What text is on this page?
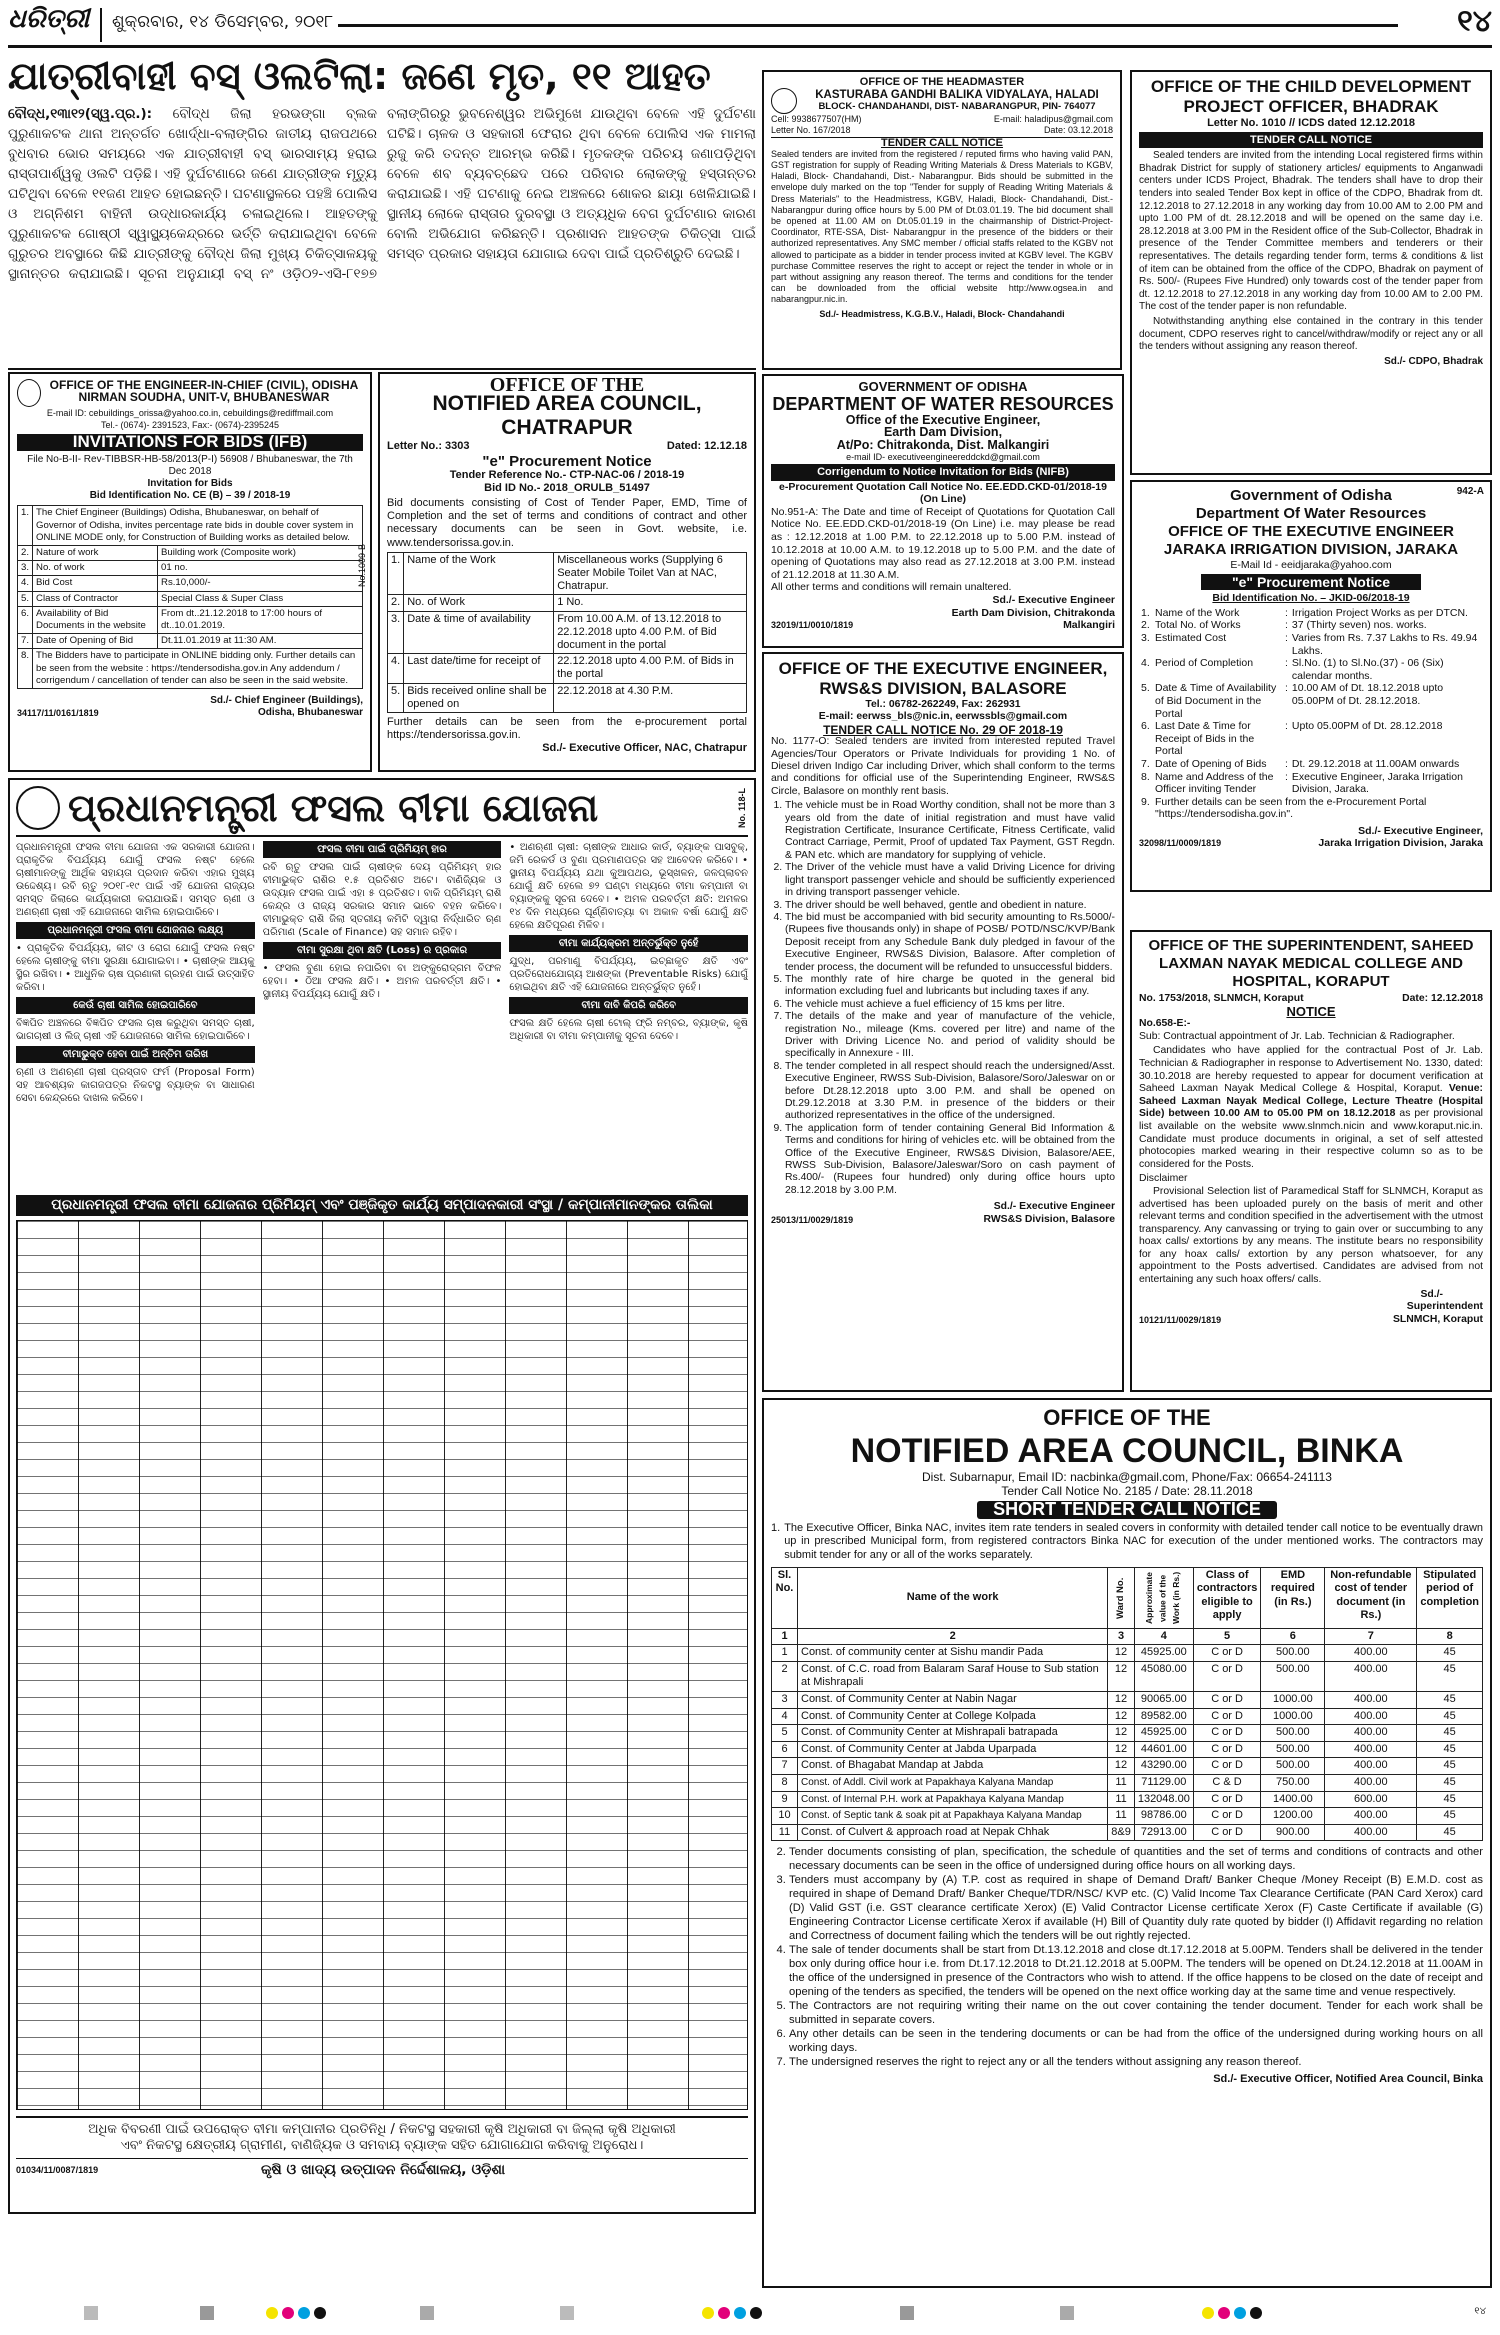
ଧରିତ୍ରୀ	ଶୁକ୍ରବାର, ୧୪ ଡିସେମ୍ବର, ୨୦୧୮	୧୪
ଯାତ୍ରୀବାହୀ ବସ୍ ଓଲଟିଲା: ଜଣେ ମୃତ, ୧୧ ଆହତ
ବୌଦ୍ଧ,୧୩ା୧୨(ସ୍ୱ.ପ୍ର.): ବୌଦ୍ଧ ଜିଲା ହରଭଙ୍ଗା ବ୍ଲକ ପୁରୁଣାକଟକ ଥାନା ଅନ୍ତର୍ଗତ ଖୋର୍ଦ୍ଧା-ବଲାଙ୍ଗିର ଜାତୀୟ ରାଜପଥରେ ବୁଧବାର ଭୋର ସମୟରେ ଏକ ଯାତ୍ରୀବାହୀ ବସ୍ ଭାରସାମ୍ୟ ହରାଇ ରାସ୍ତାପାର୍ଶ୍ୱକୁ ଓଲଟି ପଡ଼ିଛି। ଏହି ଦୁର୍ଘଟଣାରେ ଜଣେ ଯାତ୍ରୀଙ୍କ ମୃତ୍ୟୁ ଘଟିଥିବା ବେଳେ ୧୧ଜଣ ଆହତ ହୋଇଛନ୍ତି। ଘଟଣାସ୍ଥଳରେ ପହଞ୍ଚି ପୋଲିସ ଓ ଅଗ୍ନିଶମ ବାହିନୀ ଉଦ୍ଧାରକାର୍ଯ୍ୟ ଚଳାଇଥିଲେ। ଆହତଙ୍କୁ ପୁରୁଣାକଟକ ଗୋଷ୍ଠୀ ସ୍ୱାସ୍ଥ୍ୟକେନ୍ଦ୍ରରେ ଭର୍ତ୍ତି କରାଯାଇଥିବା ବେଳେ ଗୁରୁତର ଅବସ୍ଥାରେ କିଛି ଯାତ୍ରୀଙ୍କୁ ବୌଦ୍ଧ ଜିଲା ମୁଖ୍ୟ ଚିକିତ୍ସାଳୟକୁ ସ୍ଥାନାନ୍ତର କରାଯାଇଛି। ସୂଚନା ଅନୁଯାୟୀ ବସ୍ ନଂ ଓଡ଼ି୦୨-ଏସି-୮୧୭୭ ବଲାଙ୍ଗିରରୁ ଭୁବନେଶ୍ୱର ଅଭିମୁଖେ ଯାଉଥିବା ବେଳେ ଏହି ଦୁର୍ଘଟଣା ଘଟିଛି। ଚାଳକ ଓ ସହକାରୀ ଫେରାର ଥିବା ବେଳେ ପୋଲିସ ଏକ ମାମଲା ରୁଜୁ କରି ତଦନ୍ତ ଆରମ୍ଭ କରିଛି। ମୃତକଙ୍କ ପରିଚୟ ଜଣାପଡ଼ିଥିବା ବେଳେ ଶବ ବ୍ୟବଚ୍ଛେଦ ପରେ ପରିବାର ଲୋକଙ୍କୁ ହସ୍ତାନ୍ତର କରାଯାଇଛି। ଏହି ଘଟଣାକୁ ନେଇ ଅଞ୍ଚଳରେ ଶୋକର ଛାୟା ଖେଳିଯାଇଛି। ସ୍ଥାନୀୟ ଲୋକେ ରାସ୍ତାର ଦୁରବସ୍ଥା ଓ ଅତ୍ୟଧିକ ବେଗ ଦୁର୍ଘଟଣାର କାରଣ ବୋଲି ଅଭିଯୋଗ କରିଛନ୍ତି। ପ୍ରଶାସନ ଆହତଙ୍କ ଚିକିତ୍ସା ପାଇଁ ସମସ୍ତ ପ୍ରକାର ସହାୟତା ଯୋଗାଇ ଦେବା ପାଇଁ ପ୍ରତିଶ୍ରୁତି ଦେଇଛି।
OFFICE OF THE HEADMASTER
KASTURABA GANDHI BALIKA VIDYALAYA, HALADI
BLOCK- CHANDAHANDI, DIST- NABARANGPUR, PIN- 764077
Cell: 9938677507(HM)	E-mail: haladipus@gmail.com
Letter No. 167/2018	Date: 03.12.2018
TENDER CALL NOTICE
Sealed tenders are invited from the registered / reputed firms who having valid PAN, GST registration for supply of Reading Writing Materials & Dress Materials to KGBV, Haladi, Block- Chandahandi, Dist.- Nabarangpur. Bids should be submitted in the envelope duly marked on the top "Tender for supply of Reading Writing Materials & Dress Materials" to the Headmistress, KGBV, Haladi, Block- Chandahandi, Dist.- Nabarangpur during office hours by 5.00 PM of Dt.03.01.19. The bid document shall be opened at 11.00 AM on Dt.05.01.19 in the chairmanship of District-Project-Coordinator, RTE-SSA, Dist- Nabarangpur in the presence of the bidders or their authorized representatives. Any SMC member / official staffs related to the KGBV not allowed to participate as a bidder in tender process invited at KGBV level. The KGBV purchase Committee reserves the right to accept or reject the tender in whole or in part without assigning any reason thereof. The terms and conditions for the tender can be downloaded from the official website http://www.ogsea.in and nabarangpur.nic.in.
Sd./- Headmistress, K.G.B.V., Haladi, Block- Chandahandi
OFFICE OF THE CHILD DEVELOPMENT PROJECT OFFICER, BHADRAK
Letter No. 1010 // ICDS dated 12.12.2018
TENDER CALL NOTICE

Sealed tenders are invited from the intending Local registered firms within Bhadrak District for supply of stationery articles/ equipments to Anganwadi centers under ICDS Project, Bhadrak. The tenders shall have to drop their tenders into sealed Tender Box kept in office of the CDPO, Bhadrak from dt. 12.12.2018 to 27.12.2018 in any working day from 10.00 AM to 2.00 PM and upto 1.00 PM of dt. 28.12.2018 and will be opened on the same day i.e. 28.12.2018 at 3.00 PM in the Resident office of the Sub-Collector, Bhadrak in presence of the Tender Committee members and tenderers or their representatives. The details regarding tender form, terms & conditions & list of item can be obtained from the office of the CDPO, Bhadrak on payment of Rs. 500/- (Rupees Five Hundred) only towards cost of the tender paper from dt. 12.12.2018 to 27.12.2018 in any working day from 10.00 AM to 2.00 PM. The cost of the tender paper is non refundable.

Notwithstanding anything else contained in the contrary in this tender document, CDPO reserves right to cancel/withdraw/modify or reject any or all the tenders without assigning any reason thereof.

Sd./- CDPO, Bhadrak
OFFICE OF THE ENGINEER-IN-CHIEF (CIVIL), ODISHA
NIRMAN SOUDHA, UNIT-V, BHUBANESWAR
E-mail ID: cebuildings_orissa@yahoo.co.in, cebuildings@rediffmail.com
Tel.- (0674)- 2391523, Fax:- (0674)-2395245
INVITATIONS FOR BIDS (IFB)
File No-B-II- Rev-TIBBSR-HB-58/2013(P-I) 56908 / Bhubaneswar, the 7th Dec 2018
Invitation for Bids
Bid Identification No. CE (B) – 39 / 2018-19
1.	The Chief Engineer (Buildings) Odisha, Bhubaneswar, on behalf of Governor of Odisha, invites percentage rate bids in double cover system in ONLINE MODE only, for Construction of Building works as detailed below.	
2.	Nature of work	Building work (Composite work)
3.	No. of work	01 no.
4.	Bid Cost	Rs.10,000/-
5.	Class of Contractor	Special Class & Super Class
6.	Availability of Bid Documents in the website	From dt..21.12.2018 to 17:00 hours of dt..10.01.2019.
7.	Date of Opening of Bid	Dt.11.01.2019 at 11:30 AM.
8.	The Bidders have to participate in ONLINE bidding only. Further details can be seen from the website : https://tendersodisha.gov.in Any addendum / corrigendum / cancellation of tender can also be seen in the said website.	
Sd./- Chief Engineer (Buildings),
34117/11/0161/1819	Odisha, Bhubaneswar
No.1009-B
OFFICE OF THE
NOTIFIED AREA COUNCIL, CHATRAPUR
Letter No.: 3303	Dated: 12.12.18
"e" Procurement Notice
Tender Reference No.- CTP-NAC-06 / 2018-19
Bid ID No.- 2018_ORULB_51497
Bid documents consisting of Cost of Tender Paper, EMD, Time of Completion and the set of terms and conditions of contract and other necessary documents can be seen in Govt. website, i.e. www.tendersorissa.gov.in.
1.	Name of the Work	Miscellaneous works (Supplying 6 Seater Mobile Toilet Van at NAC, Chatrapur.
2.	No. of Work	1 No.
3.	Date & time of availability	From 10.00 A.M. of 13.12.2018 to 22.12.2018 upto 4.00 P.M. of Bid document in the portal
4.	Last date/time for receipt of	22.12.2018 upto 4.00 P.M. of Bids in the portal
5.	Bids received online shall be opened on	22.12.2018 at 4.30 P.M.
Further details can be seen from the e-procurement portal https://tendersorissa.gov.in.
Sd./- Executive Officer, NAC, Chatrapur
GOVERNMENT OF ODISHA
DEPARTMENT OF WATER RESOURCES
Office of the Executive Engineer,
Earth Dam Division,
At/Po: Chitrakonda, Dist. Malkangiri
e-mail ID- executiveengineereddckd@gmail.com
Corrigendum to Notice Invitation for Bids (NIFB)
e-Procurement Quotation Call Notice No. EE.EDD.CKD-01/2018-19 (On Line)
No.951-A: The Date and time of Receipt of Quotations for Quotation Call Notice No. EE.EDD.CKD-01/2018-19 (On Line) i.e. may please be read as : 12.12.2018 at 1.00 P.M. to 22.12.2018 up to 5.00 P.M. instead of 10.12.2018 at 10.00 A.M. to 19.12.2018 up to 5.00 P.M. and the date of opening of Quotations may also read as 27.12.2018 at 3.00 P.M. instead of 21.12.2018 at 11.30 A.M.
All other terms and conditions will remain unaltered.
Sd./- Executive Engineer
Earth Dam Division, Chitrakonda
32019/11/0010/1819	Malkangiri
942-A
Government of Odisha
Department Of Water Resources
OFFICE OF THE EXECUTIVE ENGINEER
JARAKA IRRIGATION DIVISION, JARAKA
E-Mail Id - eeidjaraka@yahoo.com
"e" Procurement Notice
Bid Identification No. – JKID-06/2018-19
1.	Name of the Work	:	Irrigation Project Works as per DTCN.
2.	Total No. of Works	:	37 (Thirty seven) nos. works.
3.	Estimated Cost	:	Varies from Rs. 7.37 Lakhs to Rs. 49.94 Lakhs.
4.	Period of Completion	:	Sl.No. (1) to Sl.No.(37) - 06 (Six) calendar months.
5.	Date & Time of Availability of Bid Document in the Portal	:	10.00 AM of Dt. 18.12.2018 upto 05.00PM of Dt. 28.12.2018.
6.	Last Date & Time for Receipt of Bids in the Portal	:	Upto 05.00PM of Dt. 28.12.2018
7.	Date of Opening of Bids	:	Dt. 29.12.2018 at 11.00AM onwards
8.	Name and Address of the Officer inviting Tender	:	Executive Engineer, Jaraka Irrigation Division, Jaraka.
9.	Further details can be seen from the e-Procurement Portal "https://tendersodisha.gov.in".		
Sd./- Executive Engineer,
32098/11/0009/1819	Jaraka Irrigation Division, Jaraka
OFFICE OF THE EXECUTIVE ENGINEER,
RWS&S DIVISION, BALASORE
Tel.: 06782-262249, Fax: 262931
E-mail: eerwss_bls@nic.in, eerwssbls@gmail.com
TENDER CALL NOTICE No. 29 OF 2018-19
No. 1177-O: Sealed tenders are invited from interested reputed Travel Agencies/Tour Operators or Private Individuals for providing 1 No. of Diesel driven Indigo Car including Driver, which shall conform to the terms and conditions for official use of the Superintending Engineer, RWS&S Circle, Balasore on monthly rent basis.
1. The vehicle must be in Road Worthy condition, shall not be more than 3 years old from the date of initial registration and must have valid Registration Certificate, Insurance Certificate, Fitness Certificate, valid Contract Carriage, Permit, Proof of updated Tax Payment, GST Regdn. & PAN etc. which are mandatory for supplying of vehicle.
2. The Driver of the vehicle must have a valid Driving Licence for driving light transport passenger vehicle and should be sufficiently experienced in driving transport passenger vehicle.
3. The driver should be well behaved, gentle and obedient in nature.
4. The bid must be accompanied with bid security amounting to Rs.5000/- (Rupees five thousands only) in shape of POSB/ POTD/NSC/KVP/Bank Deposit receipt from any Schedule Bank duly pledged in favour of the Executive Engineer, RWS&S Division, Balasore. After completion of tender process, the document will be refunded to unsuccessful bidders.
5. The monthly rate of hire charge be quoted in the general bid information excluding fuel and lubricants but including taxes if any.
6. The vehicle must achieve a fuel efficiency of 15 kms per litre.
7. The details of the make and year of manufacture of the vehicle, registration No., mileage (Kms. covered per litre) and name of the Driver with Driving Licence No. and period of validity should be specifically in Annexure - III.
8. The tender completed in all respect should reach the undersigned/Asst. Executive Engineer, RWSS Sub-Division, Balasore/Soro/Jaleswar on or before Dt.28.12.2018 upto 3.00 P.M. and shall be opened on Dt.29.12.2018 at 3.30 P.M. in presence of the bidders or their authorized representatives in the office of the undersigned.
9. The application form of tender containing General Bid Information & Terms and conditions for hiring of vehicles etc. will be obtained from the Office of the Executive Engineer, RWS&S Division, Balasore/AEE, RWSS Sub-Division, Balasore/Jaleswar/Soro on cash payment of Rs.400/- (Rupees four hundred) only during office hours upto 28.12.2018 by 3.00 P.M.
Sd./- Executive Engineer
25013/11/0029/1819	RWS&S Division, Balasore
OFFICE OF THE SUPERINTENDENT, SAHEED LAXMAN NAYAK MEDICAL COLLEGE AND HOSPITAL, KORAPUT
No. 1753/2018, SLNMCH, Koraput	Date: 12.12.2018
NOTICE
No.658-E:-
Sub: Contractual appointment of Jr. Lab. Technician & Radiographer.

Candidates who have applied for the contractual Post of Jr. Lab. Technician & Radiographer in response to Advertisement No. 1330, dated: 30.10.2018 are hereby requested to appear for document verification at Saheed Laxman Nayak Medical College & Hospital, Koraput. Venue: Saheed Laxman Nayak Medical College, Lecture Theatre (Hospital Side) between 10.00 AM to 05.00 PM on 18.12.2018 as per provisional list available on the website www.slnmch.nicin and www.koraput.nic.in. Candidate must produce documents in original, a set of self attested photocopies marked wearing in their respective column so as to be considered for the Posts.

Disclaimer

Provisional Selection list of Paramedical Staff for SLNMCH, Koraput as advertised has been uploaded purely on the basis of merit and other relevant terms and condition specified in the advertisement with the utmost transparency. Any canvassing or trying to gain over or succumbing to any hoax calls/ extortions by any means. The institute bears no responsibility for any hoax calls/ extortion by any person whatsoever, for any appointment to the Posts advertised. Candidates are advised from not entertaining any such hoax offers/ calls.

Sd./-
Superintendent
10121/11/0029/1819	SLNMCH, Koraput
ପ୍ରଧାନମନ୍ତ୍ରୀ ଫସଲ ବୀମା ଯୋଜନା	No. 118-L

ପ୍ରଧାନମନ୍ତ୍ରୀ ଫସଲ ବୀମା ଯୋଜନା ଏକ ସରକାରୀ ଯୋଜନା। ପ୍ରାକୃତିକ ବିପର୍ଯ୍ୟୟ ଯୋଗୁଁ ଫସଲ ନଷ୍ଟ ହେଲେ ଚାଷୀମାନଙ୍କୁ ଆର୍ଥିକ ସହାୟତା ପ୍ରଦାନ କରିବା ଏହାର ମୁଖ୍ୟ ଉଦ୍ଦେଶ୍ୟ। ରବି ଋତୁ ୨୦୧୮-୧୯ ପାଇଁ ଏହି ଯୋଜନା ରାଜ୍ୟର ସମସ୍ତ ଜିଲାରେ କାର୍ଯ୍ୟକାରୀ କରାଯାଉଛି। ସମସ୍ତ ଋଣୀ ଓ ଅଣଋଣୀ ଚାଷୀ ଏହି ଯୋଜନାରେ ସାମିଲ ହୋଇପାରିବେ।

ପ୍ରଧାନମନ୍ତ୍ରୀ ଫସଲ ବୀମା ଯୋଜନାର ଲକ୍ଷ୍ୟ

• ପ୍ରାକୃତିକ ବିପର୍ଯ୍ୟୟ, କୀଟ ଓ ରୋଗ ଯୋଗୁଁ ଫସଲ ନଷ୍ଟ ହେଲେ ଚାଷୀଙ୍କୁ ବୀମା ସୁରକ୍ଷା ଯୋଗାଇବା। • ଚାଷୀଙ୍କ ଆୟକୁ ସ୍ଥିର ରଖିବା। • ଆଧୁନିକ ଚାଷ ପ୍ରଣାଳୀ ଗ୍ରହଣ ପାଇଁ ଉତ୍ସାହିତ କରିବା।

କେଉଁ ଚାଷୀ ସାମିଲ ହୋଇପାରିବେ

ବିଜ୍ଞପିତ ଅଞ୍ଚଳରେ ବିଜ୍ଞପିତ ଫସଲ ଚାଷ କରୁଥିବା ସମସ୍ତ ଚାଷୀ, ଭାଗଚାଷୀ ଓ ଲିଜ୍ ଚାଷୀ ଏହି ଯୋଜନାରେ ସାମିଲ ହୋଇପାରିବେ।

ବୀମାଭୁକ୍ତ ହେବା ପାଇଁ ଅନ୍ତିମ ତାରିଖ

ଋଣୀ ଓ ଅଣଋଣୀ ଚାଷୀ ପ୍ରସ୍ତାବ ଫର୍ମ (Proposal Form) ସହ ଆବଶ୍ୟକ କାଗଜପତ୍ର ନିକଟସ୍ଥ ବ୍ୟାଙ୍କ ବା ସାଧାରଣ ସେବା କେନ୍ଦ୍ରରେ ଦାଖଲ କରିବେ।

ଫସଲ ବୀମା ପାଇଁ ପ୍ରିମିୟମ୍ ହାର

ରବି ଋତୁ ଫସଲ ପାଇଁ ଚାଷୀଙ୍କ ଦେୟ ପ୍ରିମିୟମ୍ ହାର ବୀମାଭୁକ୍ତ ରାଶିର ୧.୫ ପ୍ରତିଶତ ଅଟେ। ବାଣିଜ୍ୟିକ ଓ ଉଦ୍ୟାନ ଫସଲ ପାଇଁ ଏହା ୫ ପ୍ରତିଶତ। ବାକି ପ୍ରିମିୟମ୍ ରାଶି କେନ୍ଦ୍ର ଓ ରାଜ୍ୟ ସରକାର ସମାନ ଭାବେ ବହନ କରିବେ। ବୀମାଭୁକ୍ତ ରାଶି ଜିଲା ସ୍ତରୀୟ କମିଟି ଦ୍ୱାରା ନିର୍ଦ୍ଧାରିତ ଋଣ ପରିମାଣ (Scale of Finance) ସହ ସମାନ ରହିବ।

ବୀମା ସୁରକ୍ଷା ଥିବା କ୍ଷତି (Loss) ର ପ୍ରକାର

• ଫସଲ ବୁଣା ହୋଇ ନପାରିବା ବା ଅଙ୍କୁରୋଦ୍‌ଗମ ବିଫଳ ହେବା। • ଠିଆ ଫସଲ କ୍ଷତି। • ଅମଳ ପରବର୍ତ୍ତୀ କ୍ଷତି। • ସ୍ଥାନୀୟ ବିପର୍ଯ୍ୟୟ ଯୋଗୁଁ କ୍ଷତି।

• ଅଣଋଣୀ ଚାଷୀ: ଚାଷୀଙ୍କ ଆଧାର କାର୍ଡ, ବ୍ୟାଙ୍କ ପାସବୁକ୍, ଜମି ରେକର୍ଡ ଓ ବୁଣା ପ୍ରମାଣପତ୍ର ସହ ଆବେଦନ କରିବେ। • ସ୍ଥାନୀୟ ବିପର୍ଯ୍ୟୟ ଯଥା କୁଆପଥର, ଭୂସ୍ଖଳନ, ଜଳପ୍ଲାବନ ଯୋଗୁଁ କ୍ଷତି ହେଲେ ୭୨ ଘଣ୍ଟା ମଧ୍ୟରେ ବୀମା କମ୍ପାନୀ ବା ବ୍ୟାଙ୍କକୁ ସୂଚନା ଦେବେ। • ଅମଳ ପରବର୍ତ୍ତୀ କ୍ଷତି: ଅମଳର ୧୪ ଦିନ ମଧ୍ୟରେ ଘୂର୍ଣ୍ଣିବାତ୍ୟା ବା ଅକାଳ ବର୍ଷା ଯୋଗୁଁ କ୍ଷତି ହେଲେ କ୍ଷତିପୂରଣ ମିଳିବ।

ବୀମା କାର୍ଯ୍ୟକ୍ରମ ଅନ୍ତର୍ଭୁକ୍ତ ନୁହେଁ

ଯୁଦ୍ଧ, ପରମାଣୁ ବିପର୍ଯ୍ୟୟ, ଇଚ୍ଛାକୃତ କ୍ଷତି ଏବଂ ପ୍ରତିରୋଧଯୋଗ୍ୟ ଆଶଙ୍କା (Preventable Risks) ଯୋଗୁଁ ହୋଇଥିବା କ୍ଷତି ଏହି ଯୋଜନାରେ ଅନ୍ତର୍ଭୁକ୍ତ ନୁହେଁ।

ବୀମା ଦାବି କିପରି କରିବେ

ଫସଲ କ୍ଷତି ହେଲେ ଚାଷୀ ଟୋଲ୍ ଫ୍ରି ନମ୍ବର, ବ୍ୟାଙ୍କ, କୃଷି ଅଧିକାରୀ ବା ବୀମା କମ୍ପାନୀକୁ ସୂଚନା ଦେବେ।

ପ୍ରଧାନମନ୍ତ୍ରୀ ଫସଲ ବୀମା ଯୋଜନାର ପ୍ରିମିୟମ୍ ଏବଂ ପଞ୍ଜିକୃତ କାର୍ଯ୍ୟ ସମ୍ପାଦନକାରୀ ସଂସ୍ଥା / କମ୍ପାନୀମାନଙ୍କର ତାଲିକା
ଅଧିକ ବିବରଣୀ ପାଇଁ ଉପରୋକ୍ତ ବୀମା କମ୍ପାନୀର ପ୍ରତିନିଧି / ନିକଟସ୍ଥ ସହକାରୀ କୃଷି ଅଧିକାରୀ ବା ଜିଲ୍ଲା କୃଷି ଅଧିକାରୀ
ଏବଂ ନିକଟସ୍ଥ କ୍ଷେତ୍ରୀୟ ଗ୍ରାମୀଣ, ବାଣିଜ୍ୟିକ ଓ ସମବାୟ ବ୍ୟାଙ୍କ ସହିତ ଯୋଗାଯୋଗ କରିବାକୁ ଅନୁରୋଧ।
01034/11/0087/1819	କୃଷି ଓ ଖାଦ୍ୟ ଉତ୍ପାଦନ ନିର୍ଦ୍ଦେଶାଳୟ, ଓଡ଼ିଶା
OFFICE OF THE
NOTIFIED AREA COUNCIL, BINKA
Dist. Subarnapur, Email ID: nacbinka@gmail.com, Phone/Fax: 06654-241113
Tender Call Notice No. 2185 / Date: 28.11.2018
SHORT TENDER CALL NOTICE
1. The Executive Officer, Binka NAC, invites item rate tenders in sealed covers in conformity with detailed tender call notice to be eventually drawn up in prescribed Municipal form, from registered contractors Binka NAC for execution of the under mentioned works. The contractors may submit tender for any or all of the works separately.
Sl. No.	Name of the work	Ward No.	Approximate value of the Work (in Rs.)	Class of contractors eligible to apply	EMD required (in Rs.)	Non-refundable cost of tender document (in Rs.)	Stipulated period of completion
1	2	3	4	5	6	7	8
1	Const. of community center at Sishu mandir Pada	12	45925.00	C or D	500.00	400.00	45
2	Const. of C.C. road from Balaram Saraf House to Sub station at Mishrapali	12	45080.00	C or D	500.00	400.00	45
3	Const. of Community Center at Nabin Nagar	12	90065.00	C or D	1000.00	400.00	45
4	Const. of Community Center at College Kolpada	12	89582.00	C or D	1000.00	400.00	45
5	Const. of Community Center at Mishrapali batrapada	12	45925.00	C or D	500.00	400.00	45
6	Const. of Community Center at Jabda Uparpada	12	44601.00	C or D	500.00	400.00	45
7	Const. of Bhagabat Mandap at Jabda	12	43290.00	C or D	500.00	400.00	45
8	Const. of Addl. Civil work at Papakhaya Kalyana Mandap	11	71129.00	C & D	750.00	400.00	45
9	Const. of Internal P.H. work at Papakhaya Kalyana Mandap	11	132048.00	C or D	1400.00	600.00	45
10	Const. of Septic tank & soak pit at Papakhaya Kalyana Mandap	11	98786.00	C or D	1200.00	400.00	45
11	Const. of Culvert & approach road at Nepak Chhak	8&9	72913.00	C or D	900.00	400.00	45
2. Tender documents consisting of plan, specification, the schedule of quantities and the set of terms and conditions of contracts and other necessary documents can be seen in the office of undersigned during office hours on all working days.
3. Tenders must accompany by (A) T.P. cost as required in shape of Demand Draft/ Banker Cheque /Money Receipt (B) E.M.D. cost as required in shape of Demand Draft/ Banker Cheque/TDR/NSC/ KVP etc. (C) Valid Income Tax Clearance Certificate (PAN Card Xerox) card (D) Valid GST (i.e. GST clearance certificate Xerox) (E) Valid Contractor License certificate Xerox (F) Caste Certificate if available (G) Engineering Contractor License certificate Xerox if available (H) Bill of Quantity duly rate quoted by bidder (I) Affidavit regarding no relation and Correctness of document failing which the tenders will be out rightly rejected.
4. The sale of tender documents shall be start from Dt.13.12.2018 and close dt.17.12.2018 at 5.00PM. Tenders shall be delivered in the tender box only during office hour i.e. from Dt.17.12.2018 to Dt.21.12.2018 at 5.00PM. The tenders will be opened on Dt.24.12.2018 at 11.00AM in the office of the undersigned in presence of the Contractors who wish to attend. If the office happens to be closed on the date of receipt and opening of the tenders as specified, the tenders will be opened on the next office working day at the same time and venue respectively.
5. The Contractors are not requiring writing their name on the out cover containing the tender document. Tender for each work shall be submitted in separate covers.
6. Any other details can be seen in the tendering documents or can be had from the office of the undersigned during working hours on all working days.
7. The undersigned reserves the right to reject any or all the tenders without assigning any reason thereof.
Sd./- Executive Officer, Notified Area Council, Binka
୧୪
